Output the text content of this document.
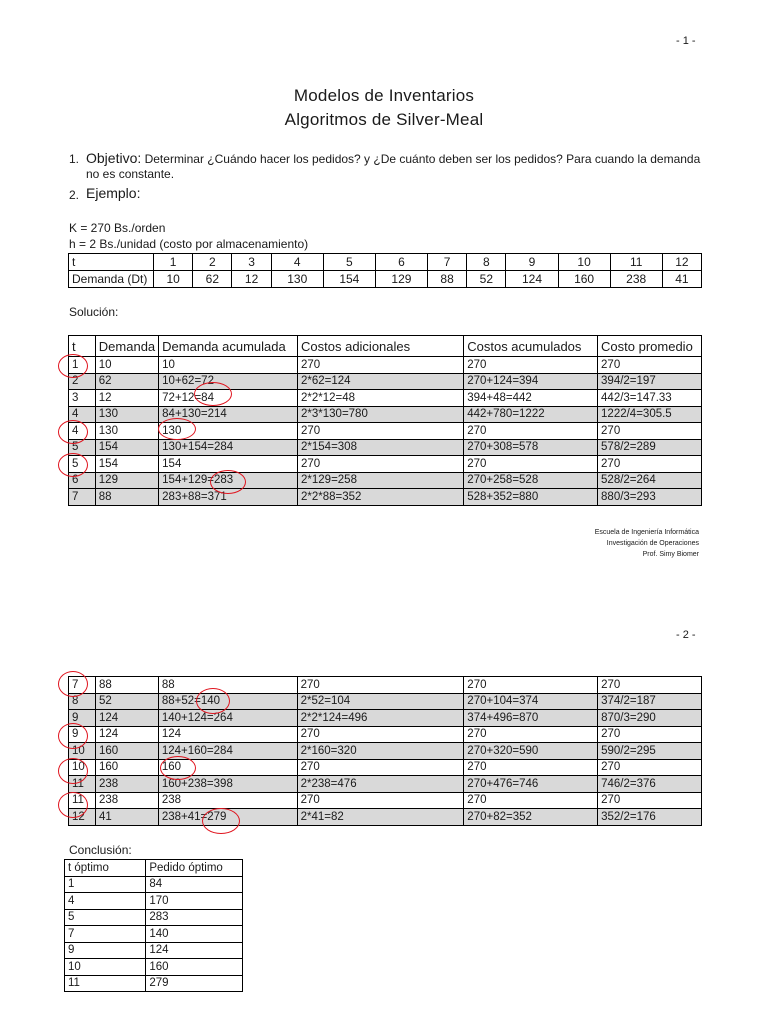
- 1 -
Modelos de Inventarios
Algoritmos de Silver-Meal
1. Objetivo: Determinar ¿Cuándo hacer los pedidos? y ¿De cuánto deben ser los pedidos? Para cuando la demanda
no es constante.
2. Ejemplo:
K = 270 Bs./orden
h = 2 Bs./unidad (costo por almacenamiento)
t	1	2	3	4	5	6	7	8	9	10	11	12
Demanda (Dt)	10	62	12	130	154	129	88	52	124	160	238	41
Solución:
t	Demanda	Demanda acumulada	Costos adicionales	Costos acumulados	Costo promedio
1	10	10	270	270	270
2	62	10+62=72	2*62=124	270+124=394	394/2=197
3	12	72+12=84	2*2*12=48	394+48=442	442/3=147.33
4	130	84+130=214	2*3*130=780	442+780=1222	1222/4=305.5
4	130	130	270	270	270
5	154	130+154=284	2*154=308	270+308=578	578/2=289
5	154	154	270	270	270
6	129	154+129=283	2*129=258	270+258=528	528/2=264
7	88	283+88=371	2*2*88=352	528+352=880	880/3=293
Escuela de Ingeniería Informática
Investigación de Operaciones
Prof. Simy Biomer
- 2 -
7	88	88	270	270	270
8	52	88+52=140	2*52=104	270+104=374	374/2=187
9	124	140+124=264	2*2*124=496	374+496=870	870/3=290
9	124	124	270	270	270
10	160	124+160=284	2*160=320	270+320=590	590/2=295
10	160	160	270	270	270
11	238	160+238=398	2*238=476	270+476=746	746/2=376
11	238	238	270	270	270
12	41	238+41=279	2*41=82	270+82=352	352/2=176
Conclusión:
t óptimo	Pedido óptimo
1	84
4	170
5	283
7	140
9	124
10	160
11	279
